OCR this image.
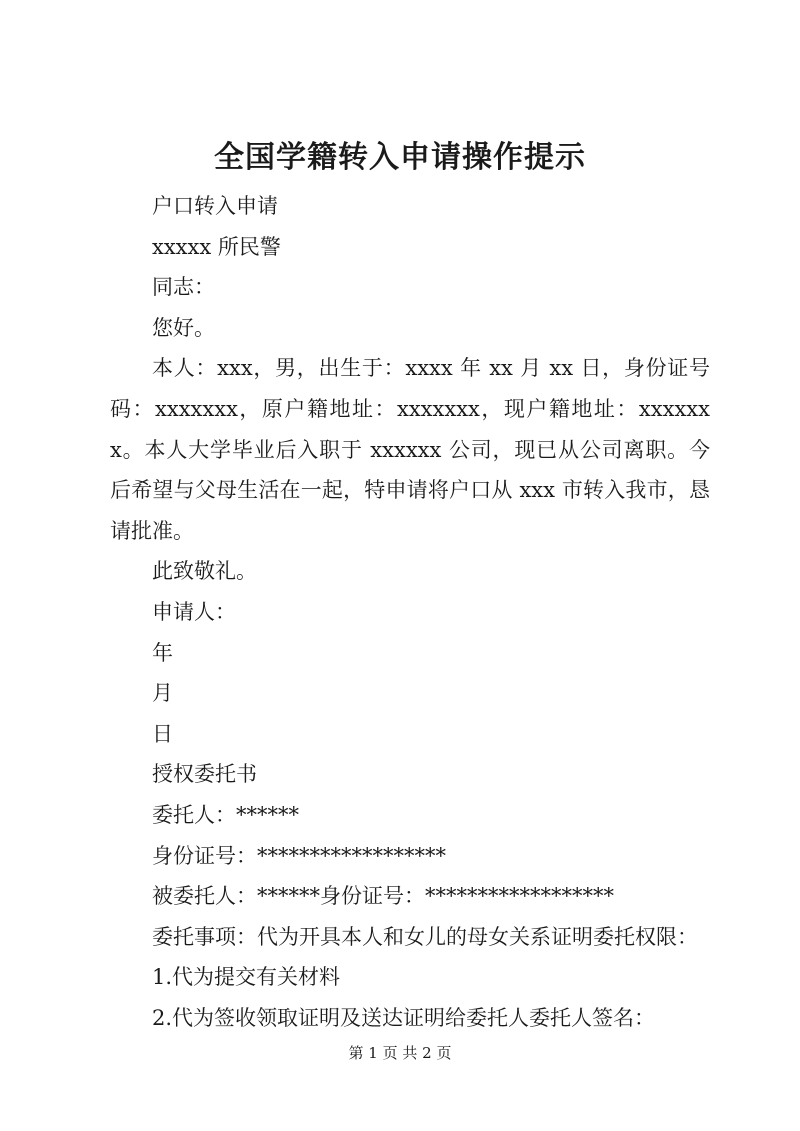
全国学籍转入申请操作提示
户口转入申请
xxxxx 所民警
同志：
您好。
本人：xxx，男，出生于：xxxx 年 xx 月 xx 日，身份证号码：xxxxxxx，原户籍地址：xxxxxxx，现户籍地址：xxxxxxx。本人大学毕业后入职于 xxxxxx 公司，现已从公司离职。今后希望与父母生活在一起，特申请将户口从 xxx 市转入我市，恳请批准。
此致敬礼。
申请人：
年
月
日
授权委托书
委托人：******
身份证号：******************
被委托人：******身份证号：******************
委托事项：代为开具本人和女儿的母女关系证明委托权限：
1.代为提交有关材料
2.代为签收领取证明及送达证明给委托人委托人签名：
第 1 页 共 2 页
